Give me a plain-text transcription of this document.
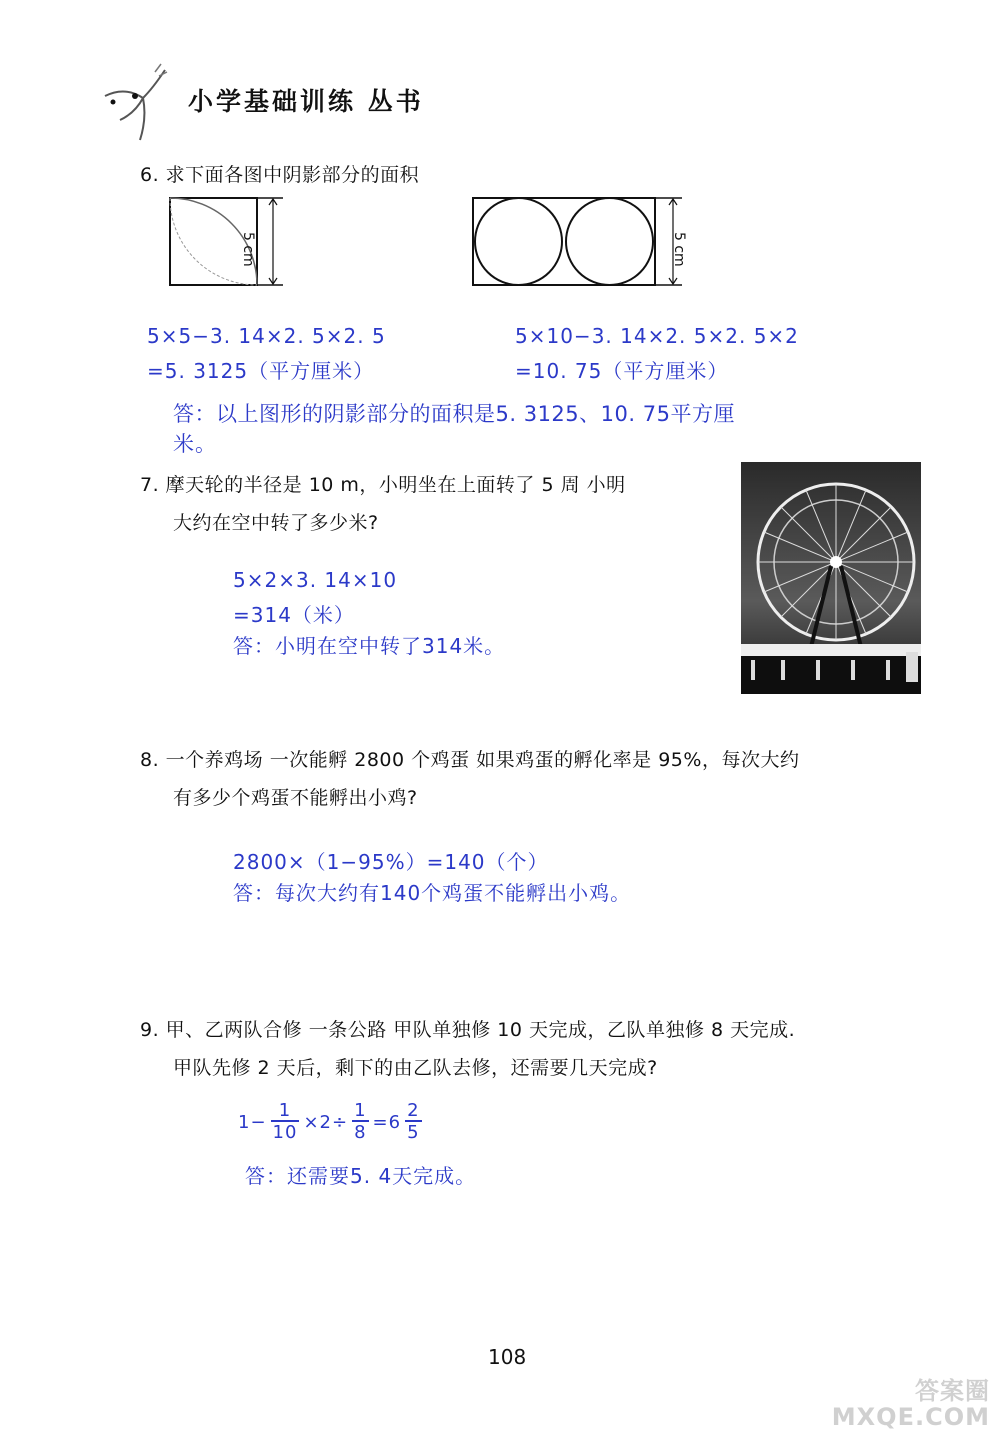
小学基础训练 丛书
6. 求下面各图中阴影部分的面积
5 cm	5 cm
5×5−3. 14×2. 5×2. 5
=5. 3125（平方厘米）
5×10−3. 14×2. 5×2. 5×2
=10. 75（平方厘米）
答：以上图形的阴影部分的面积是5. 3125、10. 75平方厘
米。
7. 摩天轮的半径是 10 m，小明坐在上面转了 5 周 小明
大约在空中转了多少米?
5×2×3. 14×10
=314（米）
答：小明在空中转了314米。
8. 一个养鸡场 一次能孵 2800 个鸡蛋 如果鸡蛋的孵化率是 95%，每次大约
有多少个鸡蛋不能孵出小鸡?
2800×（1−95%）=140（个）
答：每次大约有140个鸡蛋不能孵出小鸡。
9. 甲、乙两队合修 一条公路 甲队单独修 10 天完成，乙队单独修 8 天完成.
甲队先修 2 天后，剩下的由乙队去修，还需要几天完成?
$1- \frac{1}{10} \times 2\div \frac{1}{8} =6 \frac{2}{5}$
答：还需要5. 4天完成。
108
答案圈 MXQE.COM
